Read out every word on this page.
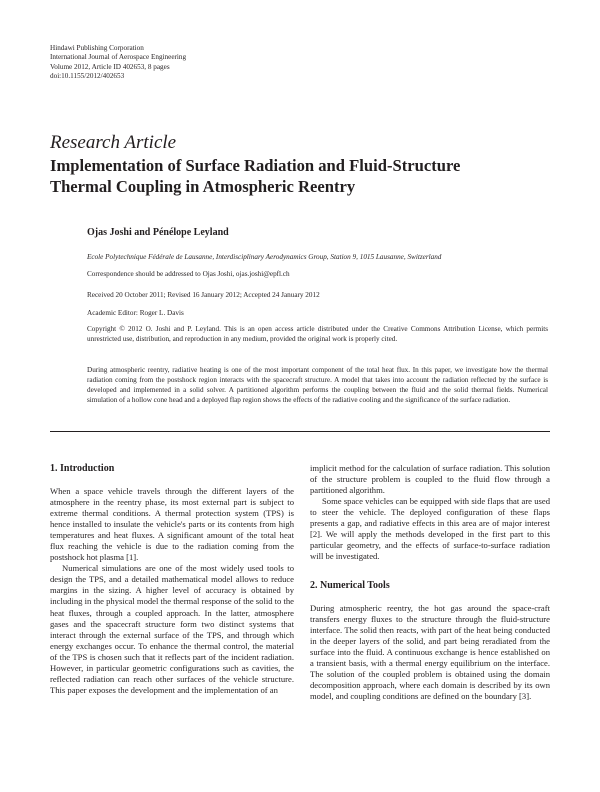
Hindawi Publishing Corporation
International Journal of Aerospace Engineering
Volume 2012, Article ID 402653, 8 pages
doi:10.1155/2012/402653
Research Article
Implementation of Surface Radiation and Fluid-Structure
Thermal Coupling in Atmospheric Reentry
Ojas Joshi and Pénélope Leyland
Ecole Polytechnique Fédérale de Lausanne, Interdisciplinary Aerodynamics Group, Station 9, 1015 Lausanne, Switzerland
Correspondence should be addressed to Ojas Joshi, ojas.joshi@epfl.ch
Received 20 October 2011; Revised 16 January 2012; Accepted 24 January 2012
Academic Editor: Roger L. Davis
Copyright © 2012 O. Joshi and P. Leyland. This is an open access article distributed under the Creative Commons Attribution License, which permits unrestricted use, distribution, and reproduction in any medium, provided the original work is properly cited.
During atmospheric reentry, radiative heating is one of the most important component of the total heat flux. In this paper, we investigate how the thermal radiation coming from the postshock region interacts with the spacecraft structure. A model that takes into account the radiation reflected by the surface is developed and implemented in a solid solver. A partitioned algorithm performs the coupling between the fluid and the solid thermal fields. Numerical simulation of a hollow cone head and a deployed flap region shows the effects of the radiative cooling and the significance of the surface radiation.
1. Introduction

When a space vehicle travels through the different layers of the atmosphere in the reentry phase, its most external part is subject to extreme thermal conditions. A thermal protection system (TPS) is hence installed to insulate the vehicle's parts or its contents from high temperatures and heat fluxes. A significant amount of the total heat flux reaching the vehicle is due to the radiation coming from the postshock hot plasma [1].

Numerical simulations are one of the most widely used tools to design the TPS, and a detailed mathematical model allows to reduce margins in the sizing. A higher level of accuracy is obtained by including in the physical model the thermal response of the solid to the heat fluxes, through a coupled approach. In the latter, atmosphere gases and the spacecraft structure form two distinct systems that interact through the external surface of the TPS, and through which energy exchanges occur. To enhance the thermal control, the material of the TPS is chosen such that it reflects part of the incident radiation. However, in particular geometric configurations such as cavities, the reflected radiation can reach other surfaces of the vehicle structure. This paper exposes the development and the implementation of an

implicit method for the calculation of surface radiation. This solution of the structure problem is coupled to the fluid flow through a partitioned algorithm.

Some space vehicles can be equipped with side flaps that are used to steer the vehicle. The deployed configuration of these flaps presents a gap, and radiative effects in this area are of major interest [2]. We will apply the methods developed in the first part to this particular geometry, and the effects of surface-to-surface radiation will be investigated.

2. Numerical Tools

During atmospheric reentry, the hot gas around the space-craft transfers energy fluxes to the structure through the fluid-structure interface. The solid then reacts, with part of the heat being conducted in the deeper layers of the solid, and part being reradiated from the surface into the fluid. A continuous exchange is hence established on a transient basis, with a thermal energy equilibrium on the interface. The solution of the coupled problem is obtained using the domain decomposition approach, where each domain is described by its own model, and coupling conditions are defined on the boundary [3].
